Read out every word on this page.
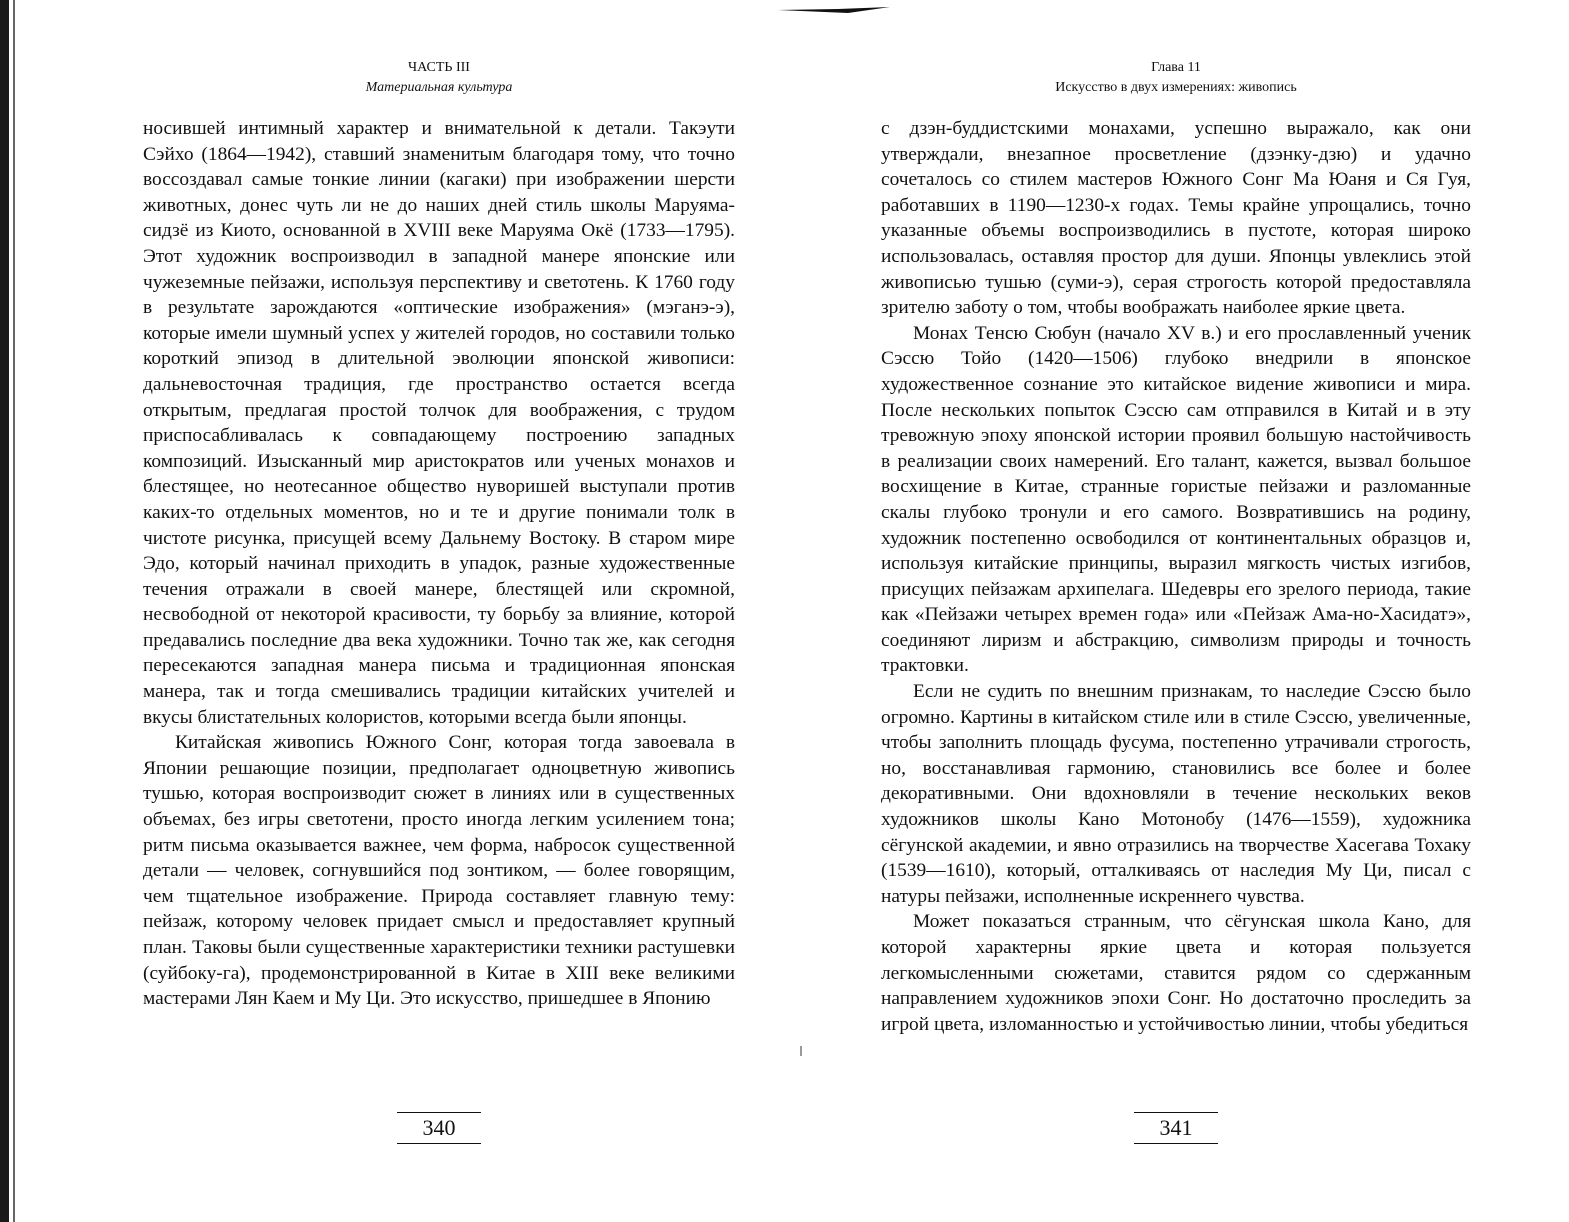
ЧАСТЬ III
Материальная культура

носившей интимный характер и внимательной к детали. Такэути Сэйхо (1864—1942), ставший знаменитым благодаря тому, что точно воссоздавал самые тонкие линии (кагаки) при изображении шерсти животных, донес чуть ли не до наших дней стиль школы Маруяма-сидзё из Киото, основанной в XVIII веке Маруяма Окё (1733—1795). Этот художник воспроизводил в западной манере японские или чужеземные пейзажи, используя перспективу и светотень. К 1760 году в результате зарождаются «оптические изображения» (мэганэ-э), которые имели шумный успех у жителей городов, но составили только короткий эпизод в длительной эволюции японской живописи: дальневосточная традиция, где пространство остается всегда открытым, предлагая простой толчок для воображения, с трудом приспосабливалась к совпадающему построению западных композиций. Изысканный мир аристократов или ученых монахов и блестящее, но неотесанное общество нуворишей выступали против каких-то отдельных моментов, но и те и другие понимали толк в чистоте рисунка, присущей всему Дальнему Востоку. В старом мире Эдо, который начинал приходить в упадок, разные художественные течения отражали в своей манере, блестящей или скромной, несвободной от некоторой красивости, ту борьбу за влияние, которой предавались последние два века художники. Точно так же, как сегодня пересекаются западная манера письма и традиционная японская манера, так и тогда смешивались традиции китайских учителей и вкусы блистательных колористов, которыми всегда были японцы.

Китайская живопись Южного Сонг, которая тогда завоевала в Японии решающие позиции, предполагает одноцветную живопись тушью, которая воспроизводит сюжет в линиях или в существенных объемах, без игры светотени, просто иногда легким усилением тона; ритм письма оказывается важнее, чем форма, набросок существенной детали — человек, согнувшийся под зонтиком, — более говорящим, чем тщательное изображение. Природа составляет главную тему: пейзаж, которому человек придает смысл и предоставляет крупный план. Таковы были существенные характеристики техники растушевки (суйбоку-га), продемонстрированной в Китае в XIII веке великими мастерами Лян Каем и Му Ци. Это искусство, пришедшее в Японию

340
Глава 11
Искусство в двух измерениях: живопись

с дзэн-буддистскими монахами, успешно выражало, как они утверждали, внезапное просветление (дзэнку-дзю) и удачно сочеталось со стилем мастеров Южного Сонг Ма Юаня и Ся Гуя, работавших в 1190—1230-х годах. Темы крайне упрощались, точно указанные объемы воспроизводились в пустоте, которая широко использовалась, оставляя простор для души. Японцы увлеклись этой живописью тушью (суми-э), серая строгость которой предоставляла зрителю заботу о том, чтобы воображать наиболее яркие цвета.

Монах Тенсю Сюбун (начало XV в.) и его прославленный ученик Сэссю Тойо (1420—1506) глубоко внедрили в японское художественное сознание это китайское видение живописи и мира. После нескольких попыток Сэссю сам отправился в Китай и в эту тревожную эпоху японской истории проявил большую настойчивость в реализации своих намерений. Его талант, кажется, вызвал большое восхищение в Китае, странные гористые пейзажи и разломанные скалы глубоко тронули и его самого. Возвратившись на родину, художник постепенно освободился от континентальных образцов и, используя китайские принципы, выразил мягкость чистых изгибов, присущих пейзажам архипелага. Шедевры его зрелого периода, такие как «Пейзажи четырех времен года» или «Пейзаж Ама-но-Хасидатэ», соединяют лиризм и абстракцию, символизм природы и точность трактовки.

Если не судить по внешним признакам, то наследие Сэссю было огромно. Картины в китайском стиле или в стиле Сэссю, увеличенные, чтобы заполнить площадь фусума, постепенно утрачивали строгость, но, восстанавливая гармонию, становились все более и более декоративными. Они вдохновляли в течение нескольких веков художников школы Кано Мотонобу (1476—1559), художника сёгунской академии, и явно отразились на творчестве Хасегава Тохаку (1539—1610), который, отталкиваясь от наследия Му Ци, писал с натуры пейзажи, исполненные искреннего чувства.

Может показаться странным, что сёгунская школа Кано, для которой характерны яркие цвета и которая пользуется легкомысленными сюжетами, ставится рядом со сдержанным направлением художников эпохи Сонг. Но достаточно проследить за игрой цвета, изломанностью и устойчивостью линии, чтобы убедиться

341
